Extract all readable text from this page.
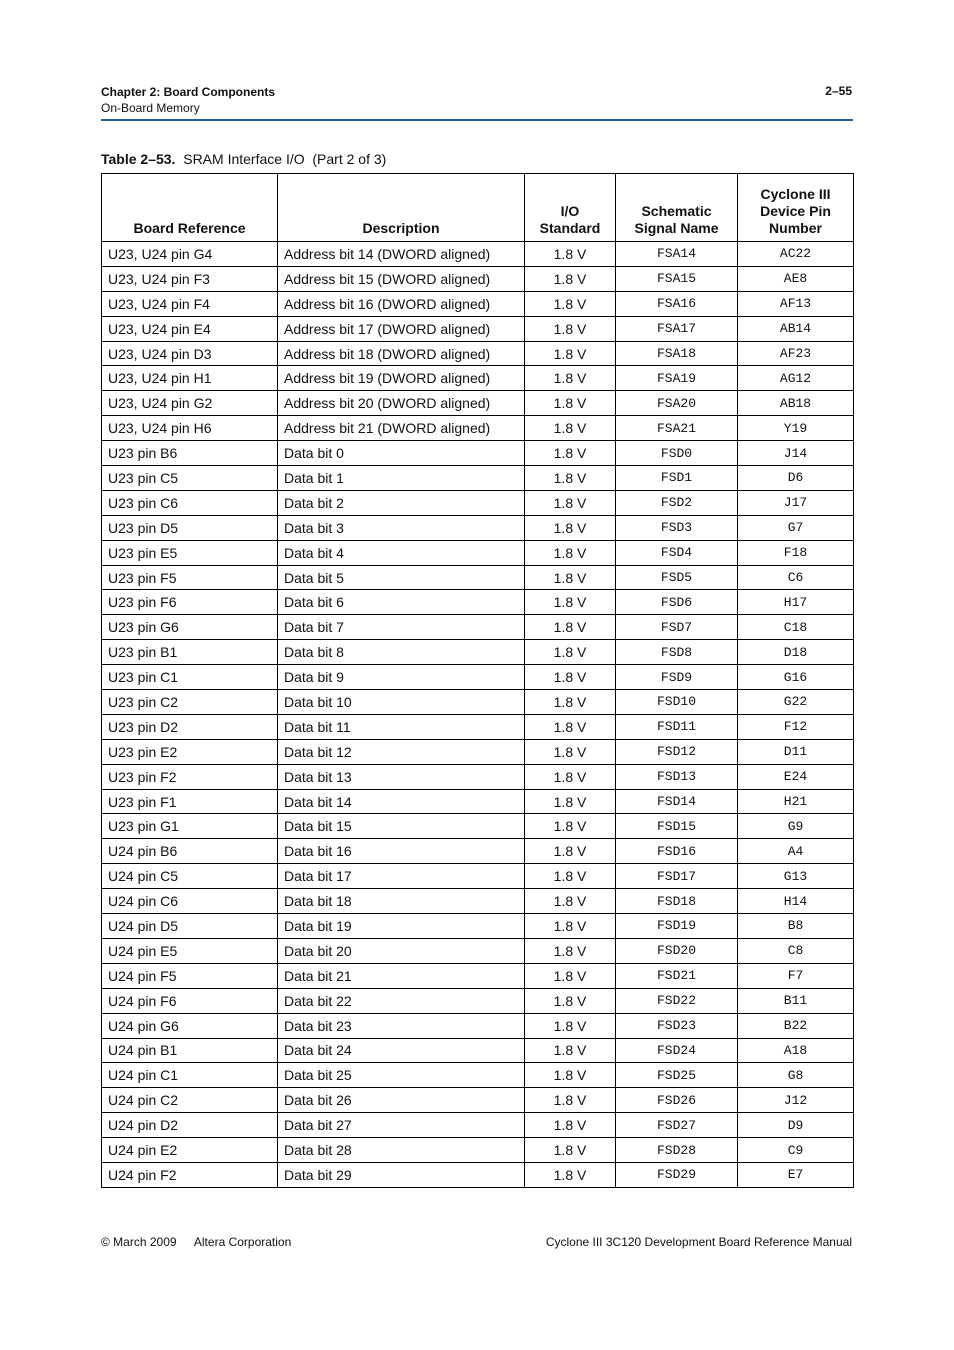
Chapter 2: Board Components
On-Board Memory
2–55
Table 2–53. SRAM Interface I/O (Part 2 of 3)
Board Reference	Description	I/O Standard	Schematic Signal Name	Cyclone III Device Pin Number
U23, U24 pin G4	Address bit 14 (DWORD aligned)	1.8 V	FSA14	AC22
U23, U24 pin F3	Address bit 15 (DWORD aligned)	1.8 V	FSA15	AE8
U23, U24 pin F4	Address bit 16 (DWORD aligned)	1.8 V	FSA16	AF13
U23, U24 pin E4	Address bit 17 (DWORD aligned)	1.8 V	FSA17	AB14
U23, U24 pin D3	Address bit 18 (DWORD aligned)	1.8 V	FSA18	AF23
U23, U24 pin H1	Address bit 19 (DWORD aligned)	1.8 V	FSA19	AG12
U23, U24 pin G2	Address bit 20 (DWORD aligned)	1.8 V	FSA20	AB18
U23, U24 pin H6	Address bit 21 (DWORD aligned)	1.8 V	FSA21	Y19
U23 pin B6	Data bit 0	1.8 V	FSD0	J14
U23 pin C5	Data bit 1	1.8 V	FSD1	D6
U23 pin C6	Data bit 2	1.8 V	FSD2	J17
U23 pin D5	Data bit 3	1.8 V	FSD3	G7
U23 pin E5	Data bit 4	1.8 V	FSD4	F18
U23 pin F5	Data bit 5	1.8 V	FSD5	C6
U23 pin F6	Data bit 6	1.8 V	FSD6	H17
U23 pin G6	Data bit 7	1.8 V	FSD7	C18
U23 pin B1	Data bit 8	1.8 V	FSD8	D18
U23 pin C1	Data bit 9	1.8 V	FSD9	G16
U23 pin C2	Data bit 10	1.8 V	FSD10	G22
U23 pin D2	Data bit 11	1.8 V	FSD11	F12
U23 pin E2	Data bit 12	1.8 V	FSD12	D11
U23 pin F2	Data bit 13	1.8 V	FSD13	E24
U23 pin F1	Data bit 14	1.8 V	FSD14	H21
U23 pin G1	Data bit 15	1.8 V	FSD15	G9
U24 pin B6	Data bit 16	1.8 V	FSD16	A4
U24 pin C5	Data bit 17	1.8 V	FSD17	G13
U24 pin C6	Data bit 18	1.8 V	FSD18	H14
U24 pin D5	Data bit 19	1.8 V	FSD19	B8
U24 pin E5	Data bit 20	1.8 V	FSD20	C8
U24 pin F5	Data bit 21	1.8 V	FSD21	F7
U24 pin F6	Data bit 22	1.8 V	FSD22	B11
U24 pin G6	Data bit 23	1.8 V	FSD23	B22
U24 pin B1	Data bit 24	1.8 V	FSD24	A18
U24 pin C1	Data bit 25	1.8 V	FSD25	G8
U24 pin C2	Data bit 26	1.8 V	FSD26	J12
U24 pin D2	Data bit 27	1.8 V	FSD27	D9
U24 pin E2	Data bit 28	1.8 V	FSD28	C9
U24 pin F2	Data bit 29	1.8 V	FSD29	E7
© March 2009 Altera Corporation	Cyclone III 3C120 Development Board Reference Manual
